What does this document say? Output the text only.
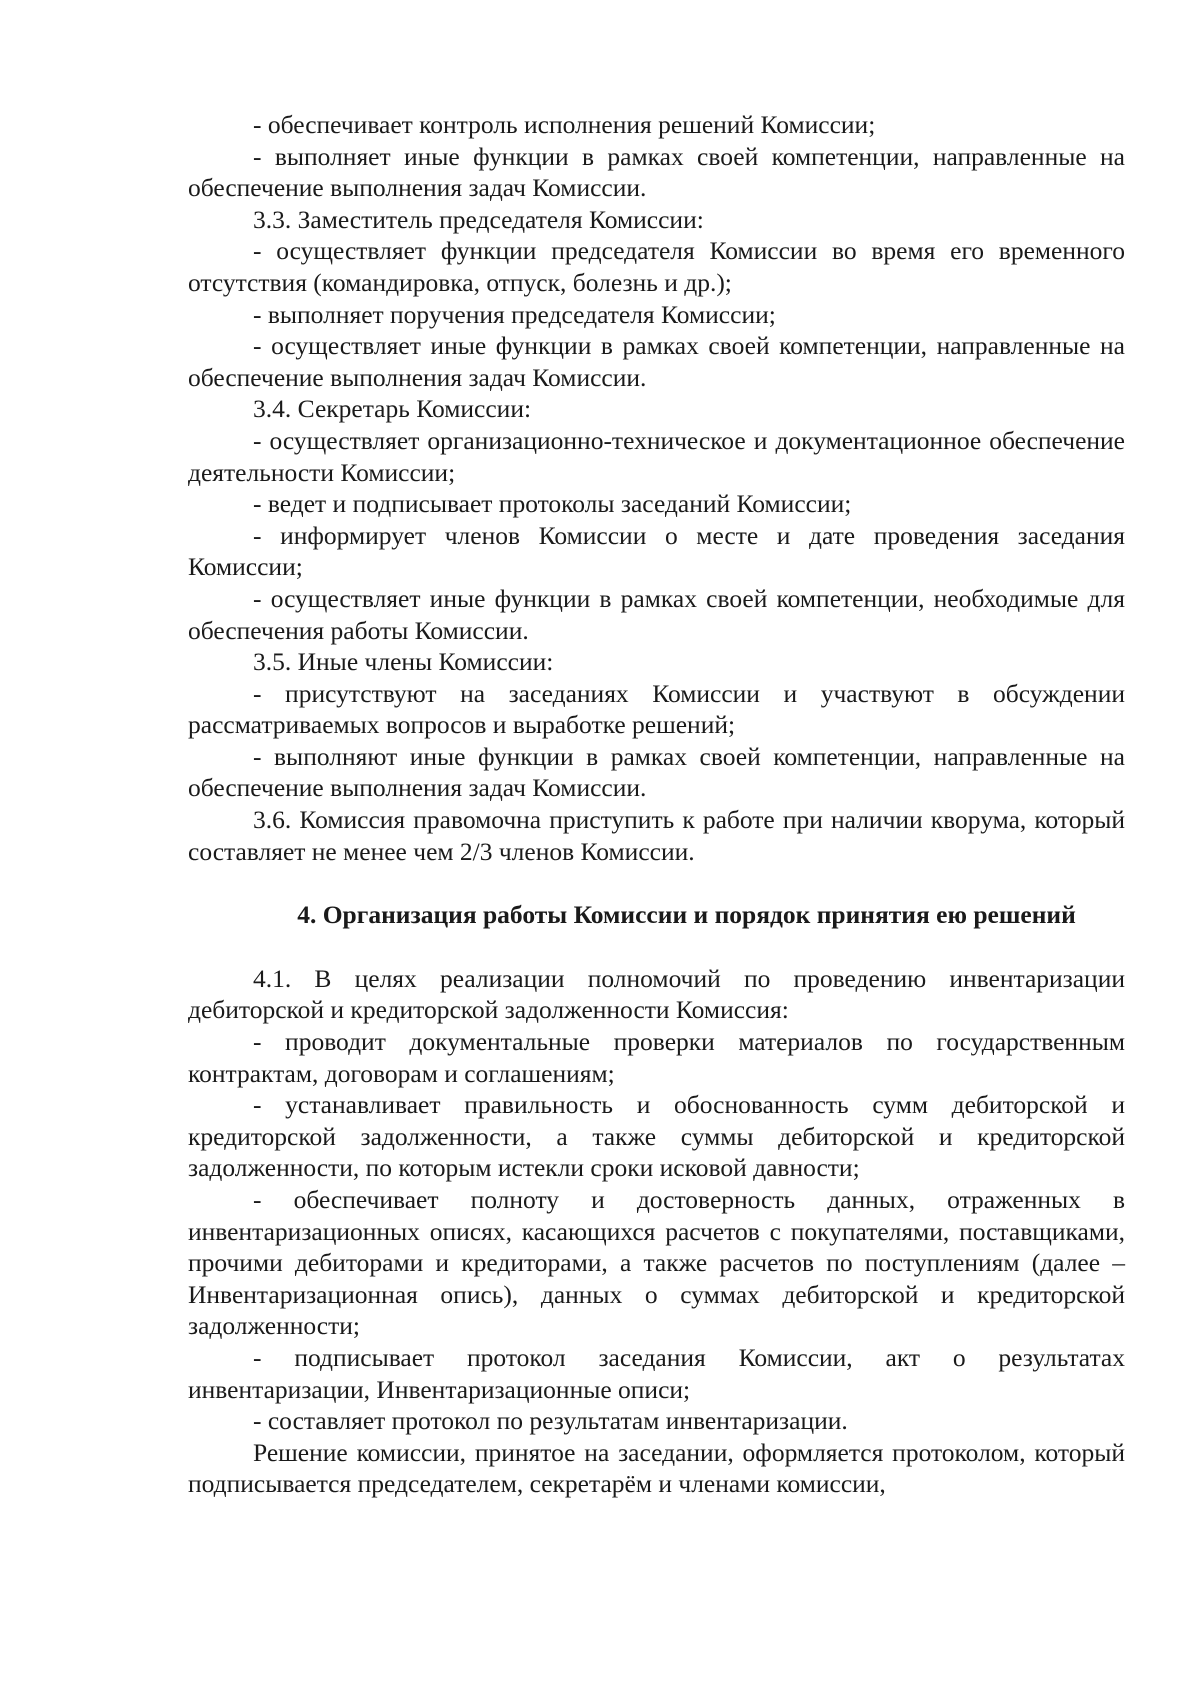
- обеспечивает контроль исполнения решений Комиссии;

- выполняет иные функции в рамках своей компетенции, направленные на обеспечение выполнения задач Комиссии.

3.3. Заместитель председателя Комиссии:

- осуществляет функции председателя Комиссии во время его временного отсутствия (командировка, отпуск, болезнь и др.);

- выполняет поручения председателя Комиссии;

- осуществляет иные функции в рамках своей компетенции, направленные на обеспечение выполнения задач Комиссии.

3.4. Секретарь Комиссии:

- осуществляет организационно-техническое и документационное обеспечение деятельности Комиссии;

- ведет и подписывает протоколы заседаний Комиссии;

- информирует членов Комиссии о месте и дате проведения заседания Комиссии;

- осуществляет иные функции в рамках своей компетенции, необходимые для обеспечения работы Комиссии.

3.5. Иные члены Комиссии:

- присутствуют на заседаниях Комиссии и участвуют в обсуждении рассматриваемых вопросов и выработке решений;

- выполняют иные функции в рамках своей компетенции, направленные на обеспечение выполнения задач Комиссии.

3.6. Комиссия правомочна приступить к работе при наличии кворума, который составляет не менее чем 2/3 членов Комиссии.

4. Организация работы Комиссии и порядок принятия ею решений

4.1. В целях реализации полномочий по проведению инвентаризации дебиторской и кредиторской задолженности Комиссия:

- проводит документальные проверки материалов по государственным контрактам, договорам и соглашениям;

- устанавливает правильность и обоснованность сумм дебиторской и кредиторской задолженности, а также суммы дебиторской и кредиторской задолженности, по которым истекли сроки исковой давности;

- обеспечивает полноту и достоверность данных, отраженных в инвентаризационных описях, касающихся расчетов с покупателями, поставщиками, прочими дебиторами и кредиторами, а также расчетов по поступлениям (далее – Инвентаризационная опись), данных о суммах дебиторской и кредиторской задолженности;

- подписывает протокол заседания Комиссии, акт о результатах инвентаризации, Инвентаризационные описи;

- составляет протокол по результатам инвентаризации.

Решение комиссии, принятое на заседании, оформляется протоколом, который подписывается председателем, секретарём и членами комиссии,
